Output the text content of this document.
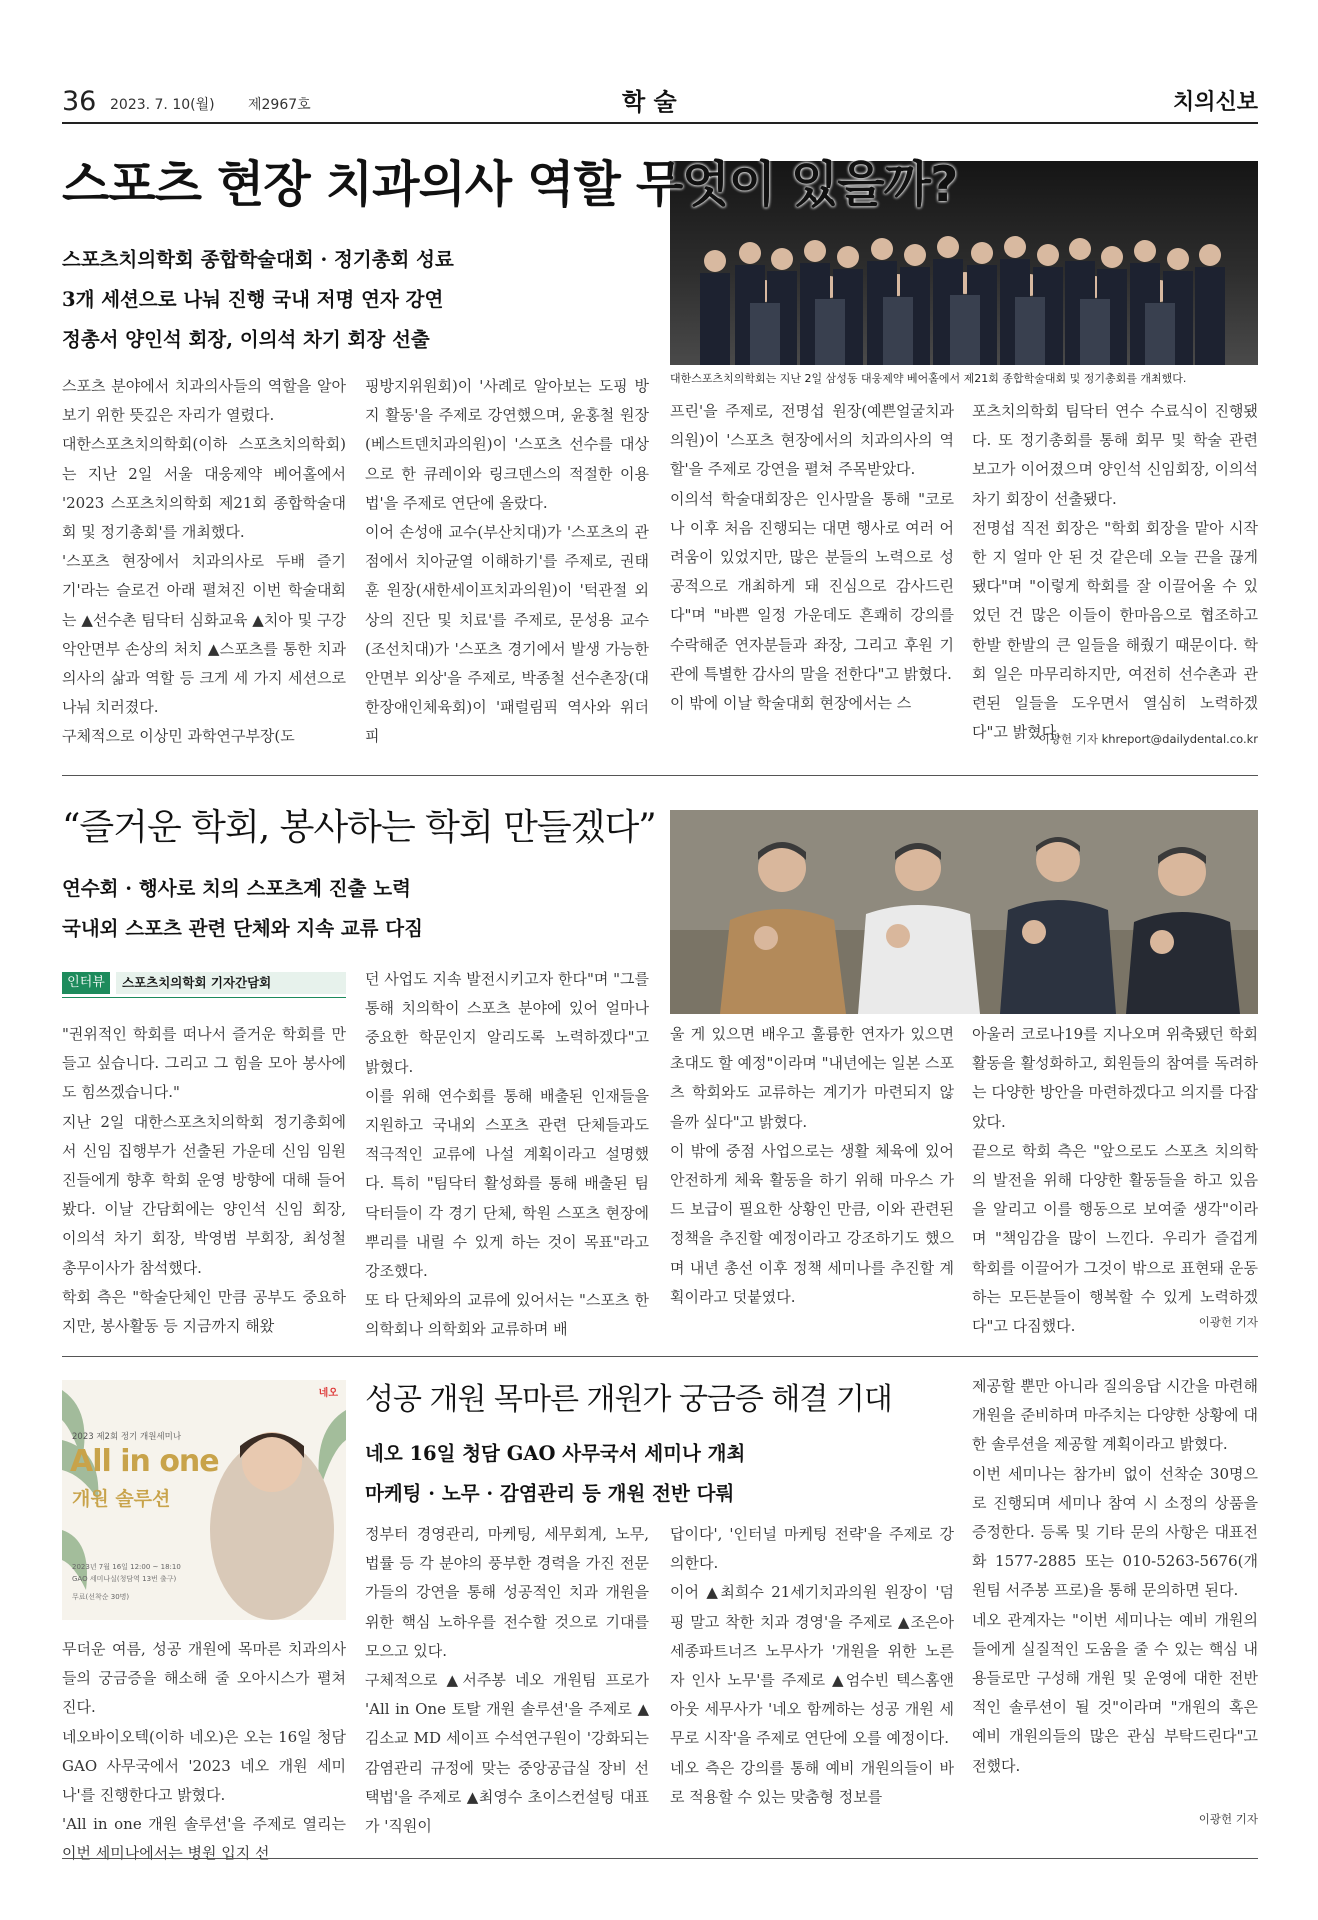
36 2023. 7. 10(월) 제2967호	학 술	치의신보
스포츠 현장 치과의사 역할 무엇이 있을까?
스포츠치의학회 종합학술대회 · 정기총회 성료
3개 세션으로 나눠 진행 국내 저명 연자 강연
정총서 양인석 회장, 이의석 차기 회장 선출
대한스포츠치의학회는 지난 2일 삼성동 대웅제약 베어홀에서 제21회 종합학술대회 및 정기총회를 개최했다.
스포츠 분야에서 치과의사들의 역할을 알아보기 위한 뜻깊은 자리가 열렸다.
대한스포츠치의학회(이하 스포츠치의학회)는 지난 2일 서울 대웅제약 베어홀에서 '2023 스포츠치의학회 제21회 종합학술대회 및 정기총회'를 개최했다.
'스포츠 현장에서 치과의사로 두배 즐기기'라는 슬로건 아래 펼쳐진 이번 학술대회는 ▲선수촌 팀닥터 심화교육 ▲치아 및 구강악안면부 손상의 처치 ▲스포츠를 통한 치과의사의 삶과 역할 등 크게 세 가지 세션으로 나눠 치러졌다.
구체적으로 이상민 과학연구부장(도
핑방지위원회)이 '사례로 알아보는 도핑 방지 활동'을 주제로 강연했으며, 윤홍철 원장(베스트덴치과의원)이 '스포츠 선수를 대상으로 한 큐레이와 링크덴스의 적절한 이용법'을 주제로 연단에 올랐다.
이어 손성애 교수(부산치대)가 '스포츠의 관점에서 치아균열 이해하기'를 주제로, 권태훈 원장(새한세이프치과의원)이 '턱관절 외상의 진단 및 치료'를 주제로, 문성용 교수(조선치대)가 '스포츠 경기에서 발생 가능한 안면부 외상'을 주제로, 박종철 선수촌장(대한장애인체육회)이 '패럴림픽 역사와 위더피
프린'을 주제로, 전명섭 원장(예쁜얼굴치과의원)이 '스포츠 현장에서의 치과의사의 역할'을 주제로 강연을 펼쳐 주목받았다.
이의석 학술대회장은 인사말을 통해 "코로나 이후 처음 진행되는 대면 행사로 여러 어려움이 있었지만, 많은 분들의 노력으로 성공적으로 개최하게 돼 진심으로 감사드린다"며 "바쁜 일정 가운데도 흔쾌히 강의를 수락해준 연자분들과 좌장, 그리고 후원 기관에 특별한 감사의 말을 전한다"고 밝혔다.
이 밖에 이날 학술대회 현장에서는 스
포츠치의학회 팀닥터 연수 수료식이 진행됐다. 또 정기총회를 통해 회무 및 학술 관련 보고가 이어졌으며 양인석 신임회장, 이의석 차기 회장이 선출됐다.
전명섭 직전 회장은 "학회 회장을 맡아 시작한 지 얼마 안 된 것 같은데 오늘 끈을 끊게 됐다"며 "이렇게 학회를 잘 이끌어올 수 있었던 건 많은 이들이 한마음으로 협조하고 한발 한발의 큰 일들을 해줬기 때문이다. 학회 일은 마무리하지만, 여전히 선수촌과 관련된 일들을 도우면서 열심히 노력하겠다"고 밝혔다.
이광헌 기자 khreport@dailydental.co.kr
“즐거운 학회, 봉사하는 학회 만들겠다”
연수회 · 행사로 치의 스포츠계 진출 노력
국내외 스포츠 관련 단체와 지속 교류 다짐
인터뷰	스포츠치의학회 기자간담회
"권위적인 학회를 떠나서 즐거운 학회를 만들고 싶습니다. 그리고 그 힘을 모아 봉사에도 힘쓰겠습니다."
지난 2일 대한스포츠치의학회 정기총회에서 신임 집행부가 선출된 가운데 신임 임원진들에게 향후 학회 운영 방향에 대해 들어봤다. 이날 간담회에는 양인석 신임 회장, 이의석 차기 회장, 박영범 부회장, 최성철 총무이사가 참석했다.
학회 측은 "학술단체인 만큼 공부도 중요하지만, 봉사활동 등 지금까지 해왔
던 사업도 지속 발전시키고자 한다"며 "그를 통해 치의학이 스포츠 분야에 있어 얼마나 중요한 학문인지 알리도록 노력하겠다"고 밝혔다.
이를 위해 연수회를 통해 배출된 인재들을 지원하고 국내외 스포츠 관련 단체들과도 적극적인 교류에 나설 계획이라고 설명했다. 특히 "팀닥터 활성화를 통해 배출된 팀닥터들이 각 경기 단체, 학원 스포츠 현장에 뿌리를 내릴 수 있게 하는 것이 목표"라고 강조했다.
또 타 단체와의 교류에 있어서는 "스포츠 한의학회나 의학회와 교류하며 배
울 게 있으면 배우고 훌륭한 연자가 있으면 초대도 할 예정"이라며 "내년에는 일본 스포츠 학회와도 교류하는 계기가 마련되지 않을까 싶다"고 밝혔다.
이 밖에 중점 사업으로는 생활 체육에 있어 안전하게 체육 활동을 하기 위해 마우스 가드 보급이 필요한 상황인 만큼, 이와 관련된 정책을 추진할 예정이라고 강조하기도 했으며 내년 총선 이후 정책 세미나를 추진할 계획이라고 덧붙였다.
아울러 코로나19를 지나오며 위축됐던 학회 활동을 활성화하고, 회원들의 참여를 독려하는 다양한 방안을 마련하겠다고 의지를 다잡았다.
끝으로 학회 측은 "앞으로도 스포츠 치의학의 발전을 위해 다양한 활동들을 하고 있음을 알리고 이를 행동으로 보여줄 생각"이라며 "책임감을 많이 느낀다. 우리가 즐겁게 학회를 이끌어가 그것이 밖으로 표현돼 운동하는 모든분들이 행복할 수 있게 노력하겠다"고 다짐했다.	이광헌 기자
네오
2023 제2회 정기 개원세미나
All in one
개원 솔루션
2023년 7월 16일 12:00 ~ 18:10
GAO 세미나실(청담역 13번 출구)
무료(선착순 30명)
성공 개원 목마른 개원가 궁금증 해결 기대
네오 16일 청담 GAO 사무국서 세미나 개최
마케팅 · 노무 · 감염관리 등 개원 전반 다뤄
무더운 여름, 성공 개원에 목마른 치과의사들의 궁금증을 해소해 줄 오아시스가 펼쳐진다.
네오바이오텍(이하 네오)은 오는 16일 청담 GAO 사무국에서 '2023 네오 개원 세미나'를 진행한다고 밝혔다.
'All in one 개원 솔루션'을 주제로 열리는 이번 세미나에서는 병원 입지 선
정부터 경영관리, 마케팅, 세무회계, 노무, 법률 등 각 분야의 풍부한 경력을 가진 전문가들의 강연을 통해 성공적인 치과 개원을 위한 핵심 노하우를 전수할 것으로 기대를 모으고 있다.
구체적으로 ▲서주봉 네오 개원팀 프로가 'All in One 토탈 개원 솔루션'을 주제로 ▲김소교 MD 세이프 수석연구원이 '강화되는 감염관리 규정에 맞는 중앙공급실 장비 선택법'을 주제로 ▲최영수 초이스컨설팅 대표가 '직원이
답이다', '인터널 마케팅 전략'을 주제로 강의한다.
이어 ▲최희수 21세기치과의원 원장이 '덤핑 말고 착한 치과 경영'을 주제로 ▲조은아 세종파트너즈 노무사가 '개원을 위한 노른자 인사 노무'를 주제로 ▲엄수빈 텍스홈앤아웃 세무사가 '네오 함께하는 성공 개원 세무로 시작'을 주제로 연단에 오를 예정이다.
네오 측은 강의를 통해 예비 개원의들이 바로 적용할 수 있는 맞춤형 정보를
제공할 뿐만 아니라 질의응답 시간을 마련해 개원을 준비하며 마주치는 다양한 상황에 대한 솔루션을 제공할 계획이라고 밝혔다.
이번 세미나는 참가비 없이 선착순 30명으로 진행되며 세미나 참여 시 소정의 상품을 증정한다. 등록 및 기타 문의 사항은 대표전화 1577-2885 또는 010-5263-5676(개원팀 서주봉 프로)을 통해 문의하면 된다.
네오 관계자는 "이번 세미나는 예비 개원의들에게 실질적인 도움을 줄 수 있는 핵심 내용들로만 구성해 개원 및 운영에 대한 전반적인 솔루션이 될 것"이라며 "개원의 혹은 예비 개원의들의 많은 관심 부탁드린다"고 전했다.
이광헌 기자
